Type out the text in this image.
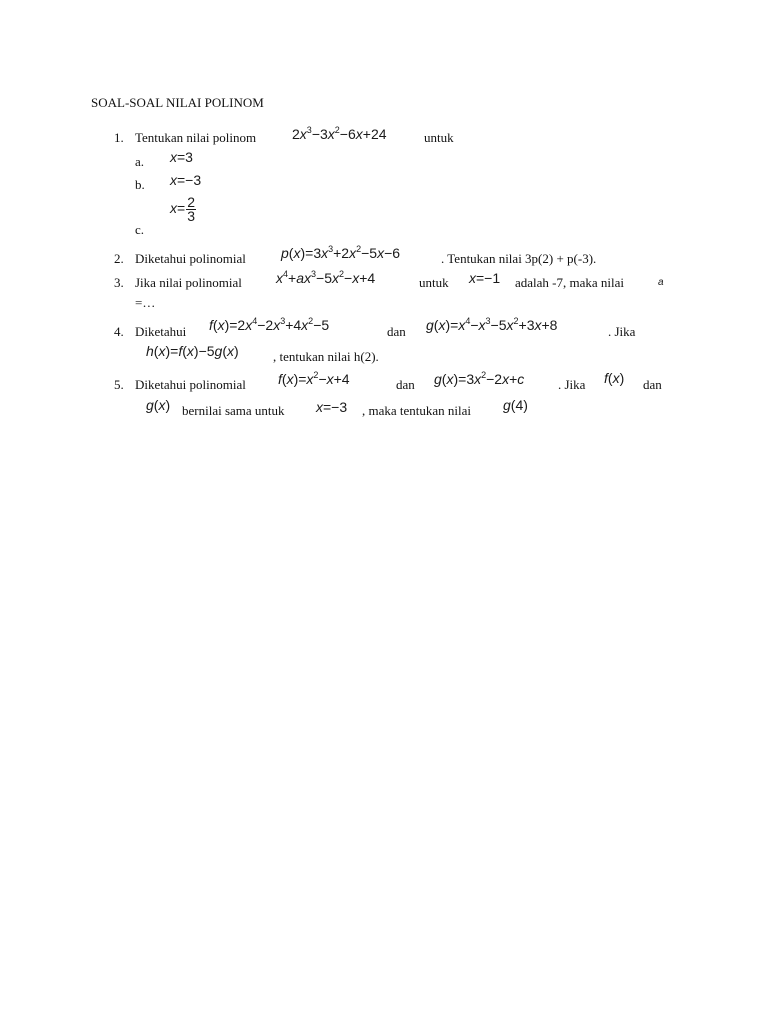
SOAL-SOAL NILAI POLINOM
1. Tentukan nilai polinom	$2x^3-3x^2-6x+24$	untuk
a. x=3
b. x=−3
$x= \frac{2}{3}$
c.
2. Diketahui polinomial	$p(x)=3x^3+2x^2-5x-6$	. Tentukan nilai 3p(2) + p(-3).
3. Jika nilai polinomial $x^4+ax^3-5x^2-x+4$	untuk x=−1 adalah -7, maka nilai	a
=…
4. Diketahui $f(x)=2x^4-2x^3+4x^2-5$	dan $g(x)=x^4-x^3-5x^2+3x+8$	. Jika
h(x)=f(x)−5g(x)	, tentukan nilai h(2).
5. Diketahui polinomial $f(x)=x^2-x+4$	dan $g(x)=3x^2-2x+c$	. Jika f(x) dan
g(x) bernilai sama untuk x=−3 , maka tentukan nilai g(4)
